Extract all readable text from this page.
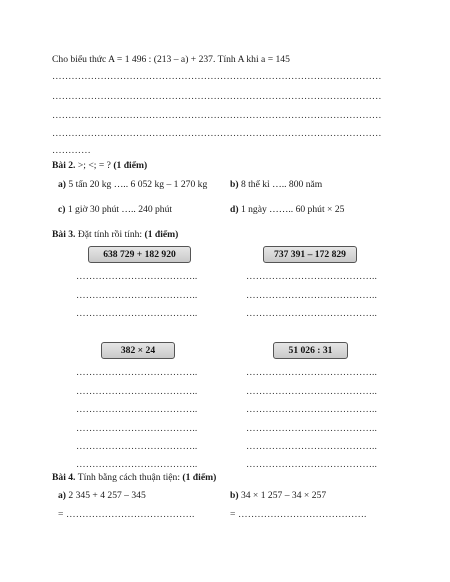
Cho biểu thức A = 1 496 : (213 – a) + 237. Tính A khi a = 145
…………………………………………………………………………………………
…………………………………………………………………………………………
…………………………………………………………………………………………
…………………………………………………………………………………………
…………
Bài 2. >; <; = ? (1 điểm)
a) 5 tấn 20 kg ….. 6 052 kg – 1 270 kg b) 8 thế kỉ ….. 800 năm
c) 1 giờ 30 phút ….. 240 phút	d) 1 ngày …….. 60 phút × 25
Bài 3. Đặt tính rồi tính: (1 điểm)
638 729 + 182 920	737 391 – 172 829
………………………………..
………………………………..
………………………………..
…………………………………..
…………………………………..
…………………………………..
382 × 24	51 026 : 31
………………………………..
………………………………..
………………………………..
………………………………..
………………………………..
………………………………..
…………………………………..
…………………………………..
…………………………………..
…………………………………..
…………………………………..
…………………………………..
Bài 4. Tính bằng cách thuận tiện: (1 điểm)
a) 2 345 + 4 257 – 345	b) 34 × 1 257 – 34 × 257
= ………………………………….	= ………………………………….
